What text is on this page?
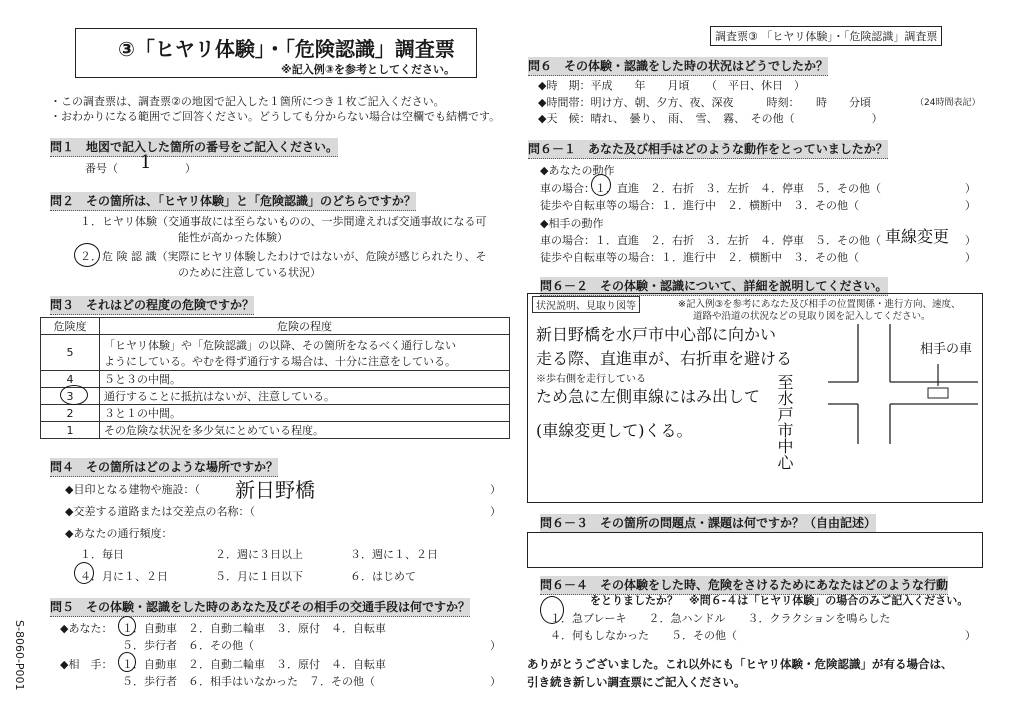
③「ヒヤリ体験」・「危険認識」調査票
※記入例③を参考としてください。
・この調査票は、調査票②の地図で記入した１箇所につき１枚ご記入ください。
・おわかりになる範囲でご回答ください。どうしても分からない場合は空欄でも結構です。
問１　地図で記入した箇所の番号をご記入ください。
番号（ 1	）
問２　その箇所は、「ヒヤリ体験」と「危険認識」のどちらですか？
１．ヒヤリ体験（交通事故には至らないものの、一歩間違えれば交通事故になる可
能性が高かった体験）
２．危 険 認 識（実際にヒヤリ体験したわけではないが、危険が感じられたり、そ
のために注意している状況）
問３　それはどの程度の危険ですか？
危険度	危険の程度
5	「ヒヤリ体験」や「危険認識」の以降、その箇所をなるべく通行しない
ようにしている。やむを得ず通行する場合は、十分に注意をしている。
4	５と３の中間。
3	通行することに抵抗はないが、注意している。
2	３と１の中間。
1	その危険な状況を多少気にとめている程度。
問４　その箇所はどのような場所ですか？
◆目印となる建物や施設：（ 新日野橋	）
◆交差する道路または交差点の名称：（	）
◆あなたの通行頻度：
１．毎日	２．週に３日以上	３．週に１、２日
４．月に１、２日	５．月に１日以下	６．はじめて
問５　その体験・認識をした時のあなた及びその相手の交通手段は何ですか？
◆あなた： １．自動車　２．自動二輪車　３．原付　４．自転車
５．歩行者　６．その他（	）
◆相　手： １．自動車　２．自動二輪車　３．原付　４．自転車
５．歩行者　６．相手はいなかった　７．その他（	）
S-8060-P001
調査票③ 「ヒヤリ体験」・「危険認識」調査票
問６　その体験・認識をした時の状況はどうでしたか？
◆時　期：平成　　年　　月頃　　（　平日、休日　）
◆時間帯：明け方、朝、夕方、夜、深夜　　　時刻：　　時　　分頃	（24時間表記）
◆天　候：晴れ、　曇り、　雨、　雪、　霧、　その他（　　　　　　　）
問６－１　あなた及び相手はどのような動作をとっていましたか？
◆あなたの動作
車の場合：１．直進　２．右折　３．左折　４．停車　５．その他（	）
徒歩や自転車等の場合：１．進行中　２．横断中　３．その他（	）
◆相手の動作
車の場合：１．直進　２．右折　３．左折　４．停車　５．その他（ 車線変更 ）
徒歩や自転車等の場合：１．進行中　２．横断中　３．その他（	）
問６－２　その体験・認識について、詳細を説明してください。
状況説明、見取り図等	※記入例③を参考にあなた及び相手の位置関係・進行方向、速度、
道路や沿道の状況などの見取り図を記入してください。
新日野橋を水戸市中心部に向かい
走る際、直進車が、右折車を避ける
※歩右側を走行している
ため急に左側車線にはみ出して
(車線変更して)くる。
相手の車
至水戸市中心
問６－３　その箇所の問題点・課題は何ですか？（自由記述）
問６－４　その体験をした時、危険をさけるためにあなたはどのような行動
をとりましたか？　※問６-４は「ヒヤリ体験」の場合のみご記入ください。
１．急ブレーキ　　２．急ハンドル　　３．クラクションを鳴らした
４．何もしなかった　　５．その他（	）
ありがとうございました。これ以外にも「ヒヤリ体験・危険認識」が有る場合は、
引き続き新しい調査票にご記入ください。
